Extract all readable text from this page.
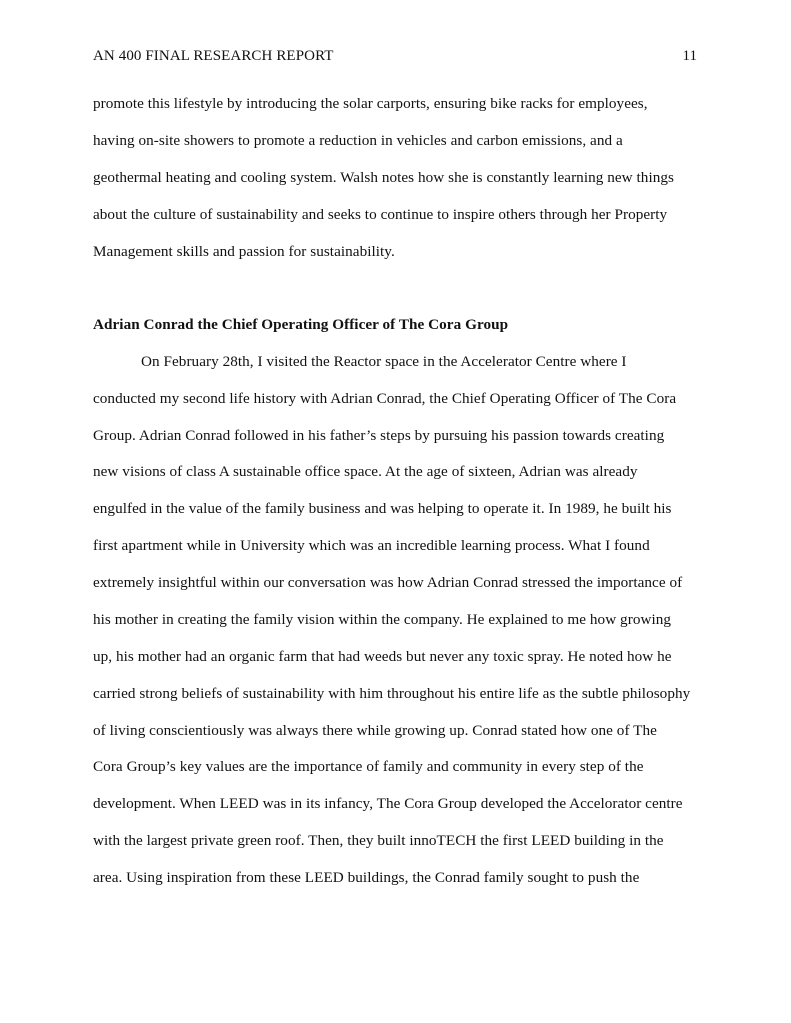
AN 400 FINAL RESEARCH REPORT	11
promote this lifestyle by introducing the solar carports, ensuring bike racks for employees,
having on-site showers to promote a reduction in vehicles and carbon emissions, and a
geothermal heating and cooling system. Walsh notes how she is constantly learning new things
about the culture of sustainability and seeks to continue to inspire others through her Property
Management skills and passion for sustainability.
Adrian Conrad the Chief Operating Officer of The Cora Group
On February 28th, I visited the Reactor space in the Accelerator Centre where I
conducted my second life history with Adrian Conrad, the Chief Operating Officer of The Cora
Group. Adrian Conrad followed in his father’s steps by pursuing his passion towards creating
new visions of class A sustainable office space. At the age of sixteen, Adrian was already
engulfed in the value of the family business and was helping to operate it. In 1989, he built his
first apartment while in University which was an incredible learning process. What I found
extremely insightful within our conversation was how Adrian Conrad stressed the importance of
his mother in creating the family vision within the company. He explained to me how growing
up, his mother had an organic farm that had weeds but never any toxic spray. He noted how he
carried strong beliefs of sustainability with him throughout his entire life as the subtle philosophy
of living conscientiously was always there while growing up. Conrad stated how one of The
Cora Group’s key values are the importance of family and community in every step of the
development. When LEED was in its infancy, The Cora Group developed the Accelorator centre
with the largest private green roof. Then, they built innoTECH the first LEED building in the
area. Using inspiration from these LEED buildings, the Conrad family sought to push the
